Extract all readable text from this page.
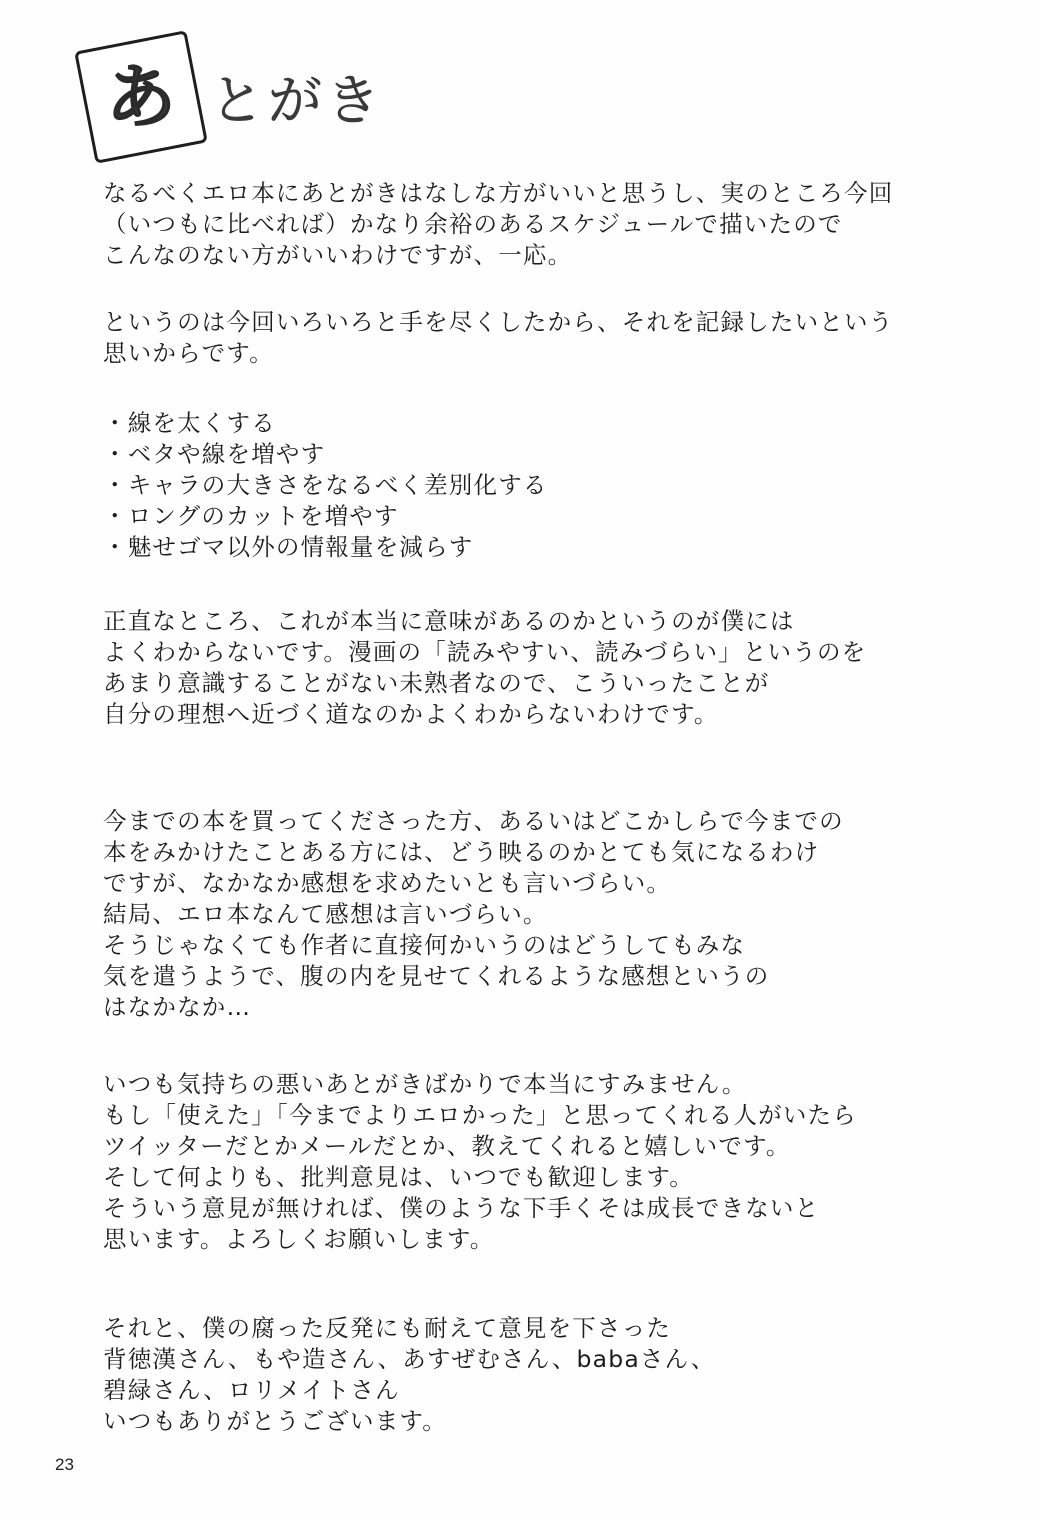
あ とがき
なるべくエロ本にあとがきはなしな方がいいと思うし、実のところ今回
（いつもに比べれば）かなり余裕のあるスケジュールで描いたので
こんなのない方がいいわけですが、一応。
というのは今回いろいろと手を尽くしたから、それを記録したいという
思いからです。
・線を太くする
・ベタや線を増やす
・キャラの大きさをなるべく差別化する
・ロングのカットを増やす
・魅せゴマ以外の情報量を減らす
正直なところ、これが本当に意味があるのかというのが僕には
よくわからないです。漫画の「読みやすい、読みづらい」というのを
あまり意識することがない未熟者なので、こういったことが
自分の理想へ近づく道なのかよくわからないわけです。
今までの本を買ってくださった方、あるいはどこかしらで今までの
本をみかけたことある方には、どう映るのかとても気になるわけ
ですが、なかなか感想を求めたいとも言いづらい。
結局、エロ本なんて感想は言いづらい。
そうじゃなくても作者に直接何かいうのはどうしてもみな
気を遣うようで、腹の内を見せてくれるような感想というの
はなかなか…
いつも気持ちの悪いあとがきばかりで本当にすみません。
もし「使えた」「今までよりエロかった」と思ってくれる人がいたら
ツイッターだとかメールだとか、教えてくれると嬉しいです。
そして何よりも、批判意見は、いつでも歓迎します。
そういう意見が無ければ、僕のような下手くそは成長できないと
思います。よろしくお願いします。
それと、僕の腐った反発にも耐えて意見を下さった
背徳漢さん、もや造さん、あすぜむさん、babaさん、
碧緑さん、ロリメイトさん
いつもありがとうございます。
23
